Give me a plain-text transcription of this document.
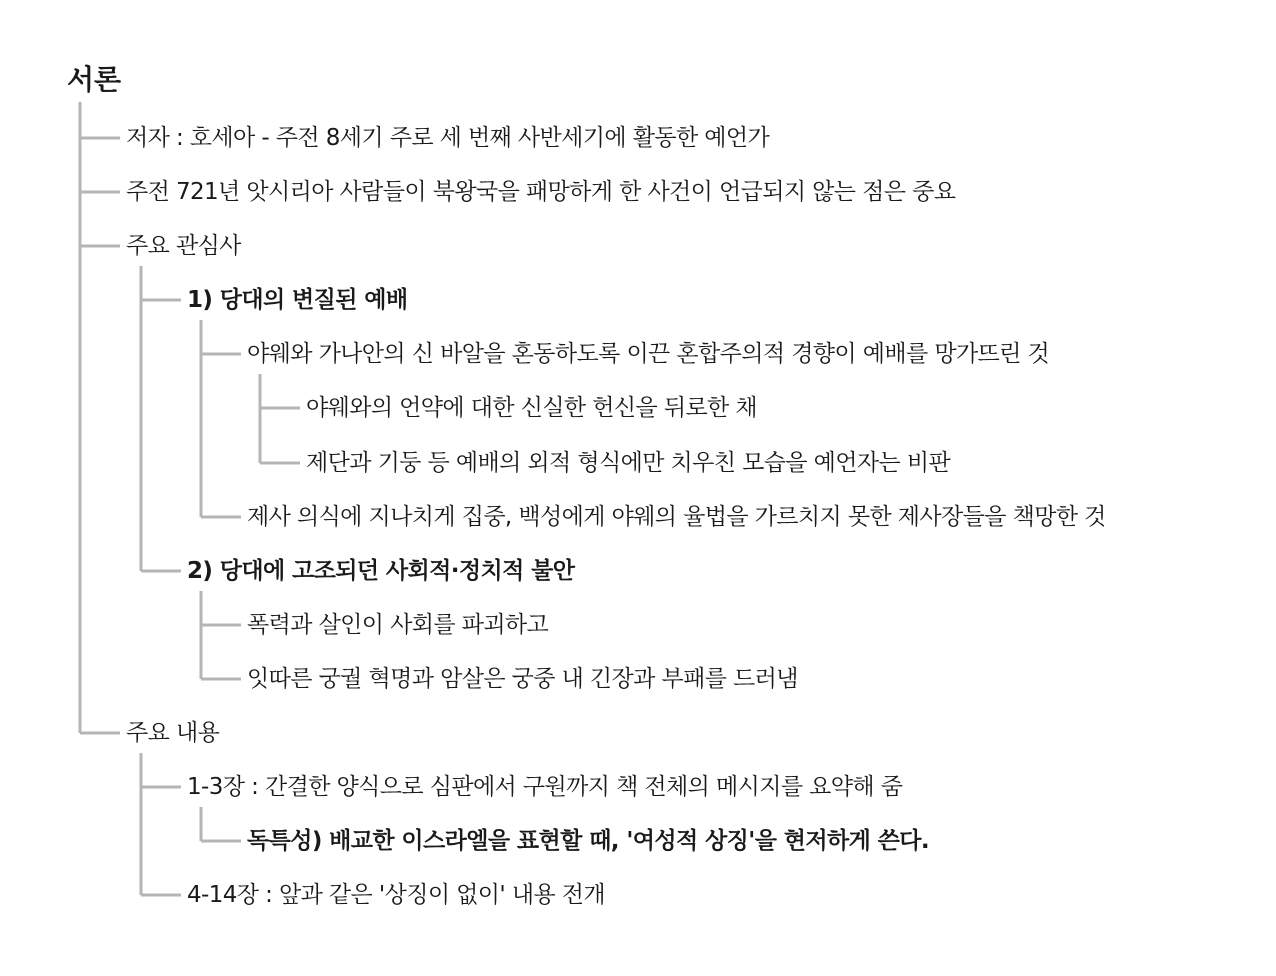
서론
저자 : 호세아 - 주전 8세기 주로 세 번째 사반세기에 활동한 예언가
주전 721년 앗시리아 사람들이 북왕국을 패망하게 한 사건이 언급되지 않는 점은 중요
주요 관심사
1) 당대의 변질된 예배
야웨와 가나안의 신 바알을 혼동하도록 이끈 혼합주의적 경향이 예배를 망가뜨린 것
야웨와의 언약에 대한 신실한 헌신을 뒤로한 채
제단과 기둥 등 예배의 외적 형식에만 치우친 모습을 예언자는 비판
제사 의식에 지나치게 집중, 백성에게 야웨의 율법을 가르치지 못한 제사장들을 책망한 것
2) 당대에 고조되던 사회적·정치적 불안
폭력과 살인이 사회를 파괴하고
잇따른 궁궐 혁명과 암살은 궁중 내 긴장과 부패를 드러냄
주요 내용
1-3장 : 간결한 양식으로 심판에서 구원까지 책 전체의 메시지를 요약해 줌
독특성) 배교한 이스라엘을 표현할 때, '여성적 상징'을 현저하게 쓴다.
4-14장 : 앞과 같은 '상징이 없이' 내용 전개
